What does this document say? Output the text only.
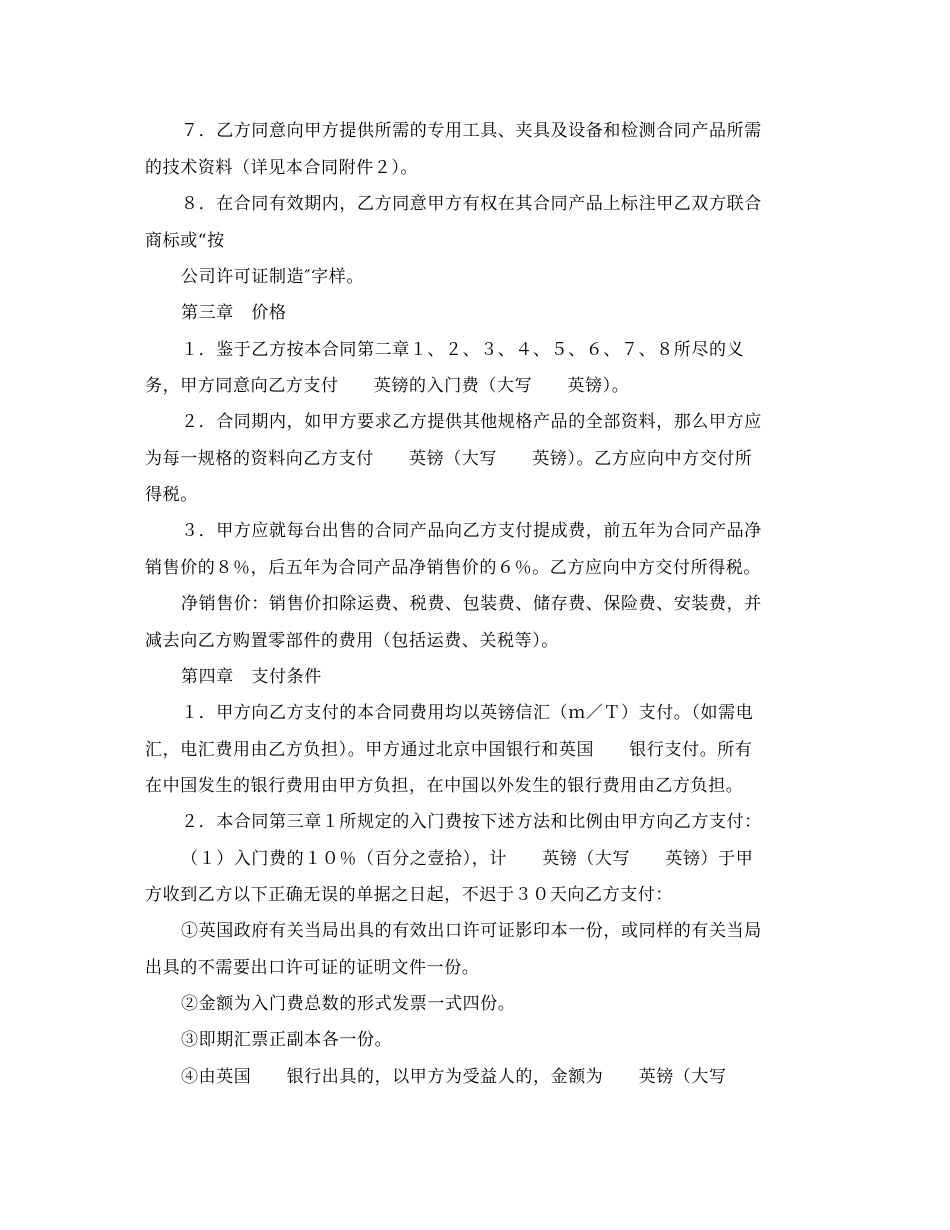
７．乙方同意向甲方提供所需的专用工具、夹具及设备和检测合同产品所需
的技术资料（详见本合同附件２）。
８．在合同有效期内，乙方同意甲方有权在其合同产品上标注甲乙双方联合
商标或“按
公司许可证制造″字样。
第三章　价格
１．鉴于乙方按本合同第二章１、２、３、４、５、６、７、８所尽的义
务，甲方同意向乙方支付　　英镑的入门费（大写　　英镑）。
２．合同期内，如甲方要求乙方提供其他规格产品的全部资料，那么甲方应
为每一规格的资料向乙方支付　　英镑（大写　　英镑）。乙方应向中方交付所
得税。
３．甲方应就每台出售的合同产品向乙方支付提成费，前五年为合同产品净
销售价的８％，后五年为合同产品净销售价的６％。乙方应向中方交付所得税。
净销售价：销售价扣除运费、税费、包装费、储存费、保险费、安装费，并
减去向乙方购置零部件的费用（包括运费、关税等）。
第四章　支付条件
１．甲方向乙方支付的本合同费用均以英镑信汇（ｍ／Ｔ）支付。（如需电
汇，电汇费用由乙方负担）。甲方通过北京中国银行和英国　　银行支付。所有
在中国发生的银行费用由甲方负担，在中国以外发生的银行费用由乙方负担。
２．本合同第三章１所规定的入门费按下述方法和比例由甲方向乙方支付：
（１）入门费的１０％（百分之壹拾），计　　英镑（大写　　英镑）于甲
方收到乙方以下正确无误的单据之日起，不迟于３０天向乙方支付：
①英国政府有关当局出具的有效出口许可证影印本一份，或同样的有关当局
出具的不需要出口许可证的证明文件一份。
②金额为入门费总数的形式发票一式四份。
③即期汇票正副本各一份。
④由英国　　银行出具的，以甲方为受益人的，金额为　　英镑（大写
